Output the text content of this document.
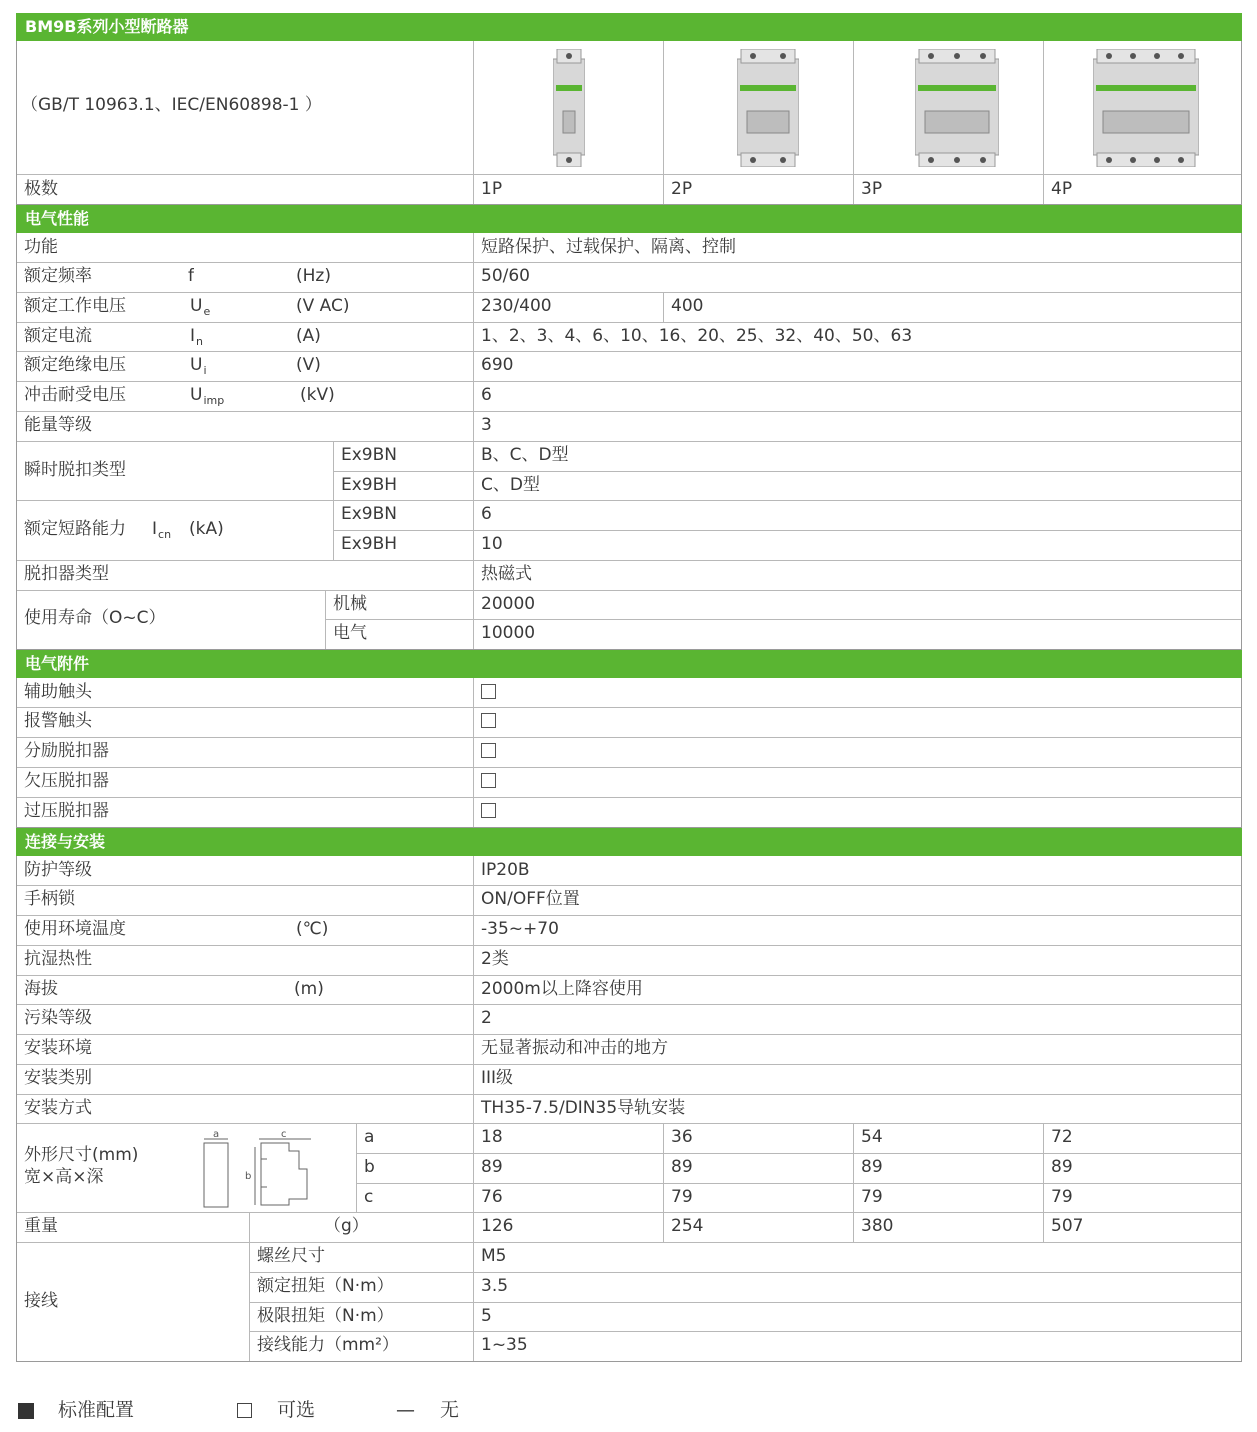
BM9B系列小型断路器
（GB/T 10963.1、IEC/EN60898-1 ）
极数	1P	2P	3P	4P
电气性能
功能	短路保护、过载保护、隔离、控制
额定频率	f	(Hz)	50/60
额定工作电压	$U_e$	(V AC)	230/400	400
额定电流	$I_n$	(A)	1、2、3、4、6、10、16、20、25、32、40、50、63
额定绝缘电压	$U_i$	(V)	690
冲击耐受电压	$U_{imp}$	(kV)	6
能量等级	3
瞬时脱扣类型
Ex9BN	B、C、D型
Ex9BH	C、D型
额定短路能力 $I_{cn}$ (kA)
Ex9BN	6
Ex9BH	10
脱扣器类型	热磁式
使用寿命（O~C）
机械	20000
电气	10000
电气附件
辅助触头
报警触头
分励脱扣器
欠压脱扣器
过压脱扣器
连接与安装
防护等级	IP20B
手柄锁	ON/OFF位置
使用环境温度	(℃)	-35~+70
抗湿热性	2类
海拔	(m)	2000m以上降容使用
污染等级	2
安装环境	无显著振动和冲击的地方
安装类别	III级
安装方式	TH35-7.5/DIN35导轨安装
外形尺寸(mm)
宽×高×深
a	c
b
a	18	36	54	72
b	89	89	89	89
c	76	79	79	79
重量	（g）	126	254	380	507
接线
螺丝尺寸	M5
额定扭矩（N·m）	3.5
极限扭矩（N·m）	5
接线能力（mm²）	1~35
标准配置	可选	— 无
